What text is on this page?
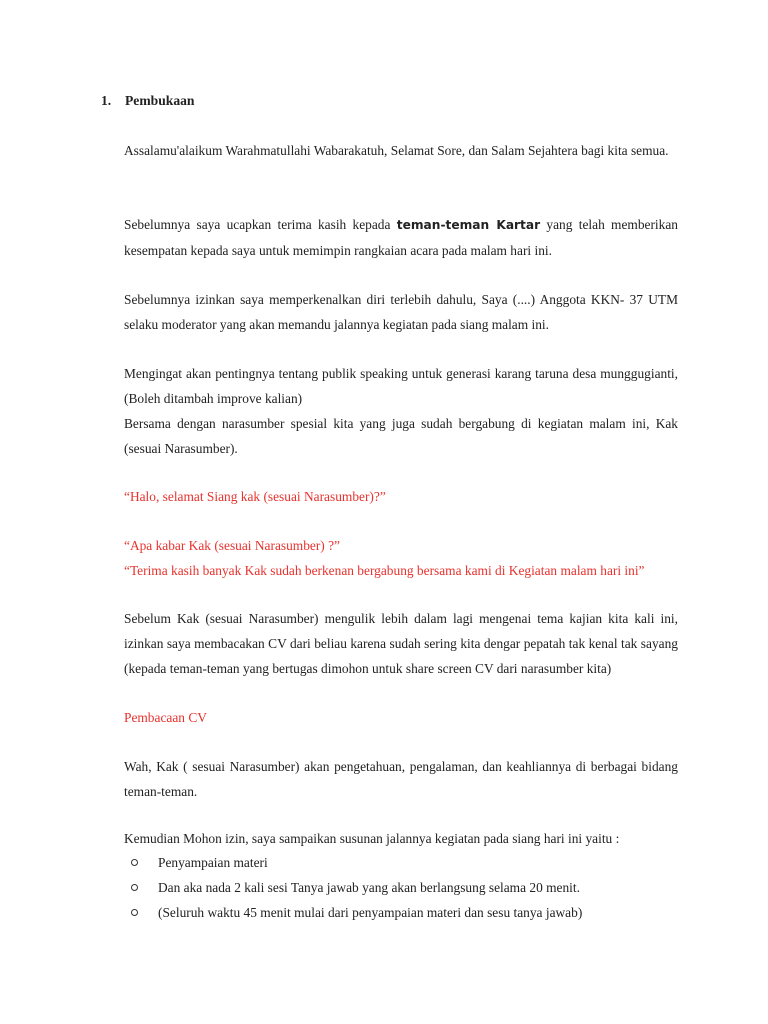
1. Pembukaan

Assalamu'alaikum Warahmatullahi Wabarakatuh, Selamat Sore, dan Salam Sejahtera bagi kita semua.

Sebelumnya saya ucapkan terima kasih kepada teman-teman Kartar yang telah memberikan kesempatan kepada saya untuk memimpin rangkaian acara pada malam hari ini.

Sebelumnya izinkan saya memperkenalkan diri terlebih dahulu, Saya (....) Anggota KKN- 37 UTM selaku moderator yang akan memandu jalannya kegiatan pada siang malam ini.

Mengingat akan pentingnya tentang publik speaking untuk generasi karang taruna desa munggugianti, (Boleh ditambah improve kalian)

Bersama dengan narasumber spesial kita yang juga sudah bergabung di kegiatan malam ini, Kak (sesuai Narasumber).

“Halo, selamat Siang kak (sesuai Narasumber)?”
“Apa kabar Kak (sesuai Narasumber) ?”
“Terima kasih banyak Kak sudah berkenan bergabung bersama kami di Kegiatan malam hari ini”

Sebelum Kak (sesuai Narasumber) mengulik lebih dalam lagi mengenai tema kajian kita kali ini, izinkan saya membacakan CV dari beliau karena sudah sering kita dengar pepatah tak kenal tak sayang (kepada teman-teman yang bertugas dimohon untuk share screen CV dari narasumber kita)

Pembacaan CV

Wah, Kak ( sesuai Narasumber) akan pengetahuan, pengalaman, dan keahliannya di berbagai bidang teman-teman.

Kemudian Mohon izin, saya sampaikan susunan jalannya kegiatan pada siang hari ini yaitu :
Penyampaian materi
Dan aka nada 2 kali sesi Tanya jawab yang akan berlangsung selama 20 menit.
(Seluruh waktu 45 menit mulai dari penyampaian materi dan sesu tanya jawab)
